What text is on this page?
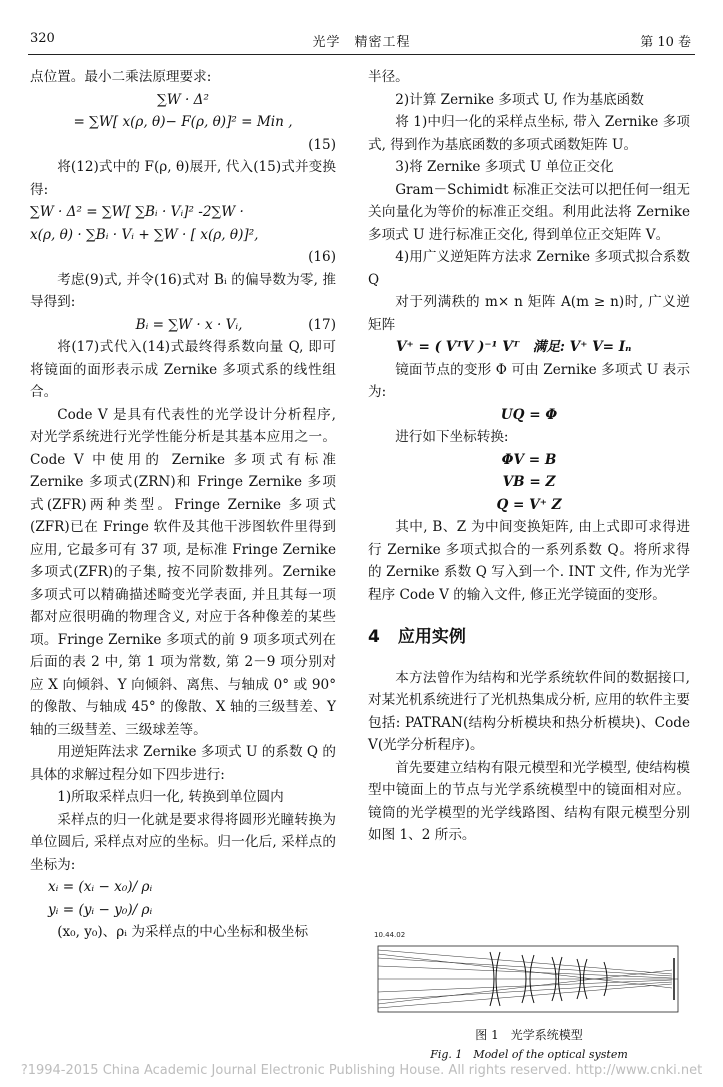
320	光学　精密工程	第 10 卷

点位置。最小二乘法原理要求:

∑W · Δ²
= ∑W[ x(ρ, θ)− F(ρ, θ)]² = Min ,
(15)

将(12)式中的 F(ρ, θ)展开, 代入(15)式并变换得:

∑W · Δ² = ∑W[ ∑Bᵢ · Vᵢ]² -2∑W ·
x(ρ, θ) · ∑Bᵢ · Vᵢ + ∑W · [ x(ρ, θ)]²,
(16)

考虑(9)式, 并令(16)式对 Bᵢ 的偏导数为零, 推导得到:

Bᵢ = ∑W · x · Vᵢ,	(17)

将(17)式代入(14)式最终得系数向量 Q, 即可将镜面的面形表示成 Zernike 多项式系的线性组合。

Code V 是具有代表性的光学设计分析程序, 对光学系统进行光学性能分析是其基本应用之一。Code V 中使用的 Zernike 多项式有标准 Zernike 多项式(ZRN)和 Fringe Zernike 多项式(ZFR)两种类型。Fringe Zernike 多项式(ZFR)已在 Fringe 软件及其他干涉图软件里得到应用, 它最多可有 37 项, 是标准 Fringe Zernike 多项式(ZFR)的子集, 按不同阶数排列。Zernike 多项式可以精确描述畸变光学表面, 并且其每一项都对应很明确的物理含义, 对应于各种像差的某些项。Fringe Zernike 多项式的前 9 项多项式列在后面的表 2 中, 第 1 项为常数, 第 2－9 项分别对应 X 向倾斜、Y 向倾斜、离焦、与轴成 0° 或 90° 的像散、与轴成 45° 的像散、X 轴的三级彗差、Y 轴的三级彗差、三级球差等。

用逆矩阵法求 Zernike 多项式 U 的系数 Q 的具体的求解过程分如下四步进行:

1)所取采样点归一化, 转换到单位圆内

采样点的归一化就是要求得将圆形光瞳转换为单位圆后, 采样点对应的坐标。归一化后, 采样点的坐标为:

xᵢ = (xᵢ − x₀)/ ρᵢ
yᵢ = (yᵢ − y₀)/ ρᵢ

(x₀, y₀)、ρᵢ 为采样点的中心坐标和极坐标

半径。

2)计算 Zernike 多项式 U, 作为基底函数

将 1)中归一化的采样点坐标, 带入 Zernike 多项式, 得到作为基底函数的多项式函数矩阵 U。

3)将 Zernike 多项式 U 单位正交化

Gram－Schimidt 标准正交法可以把任何一组无关向量化为等价的标准正交组。利用此法将 Zernike 多项式 U 进行标准正交化, 得到单位正交矩阵 V。

4)用广义逆矩阵方法求 Zernike 多项式拟合系数 Q

对于列满秩的 m× n 矩阵 A(m ≥ n)时, 广义逆矩阵

V⁺ = ( VᵀV )⁻¹ Vᵀ　满足: V⁺ V= Iₙ

镜面节点的变形 Φ 可由 Zernike 多项式 U 表示为:

UQ = Φ

进行如下坐标转换:

ΦV = B
VB = Z
Q = V⁺ Z

其中, B、Z 为中间变换矩阵, 由上式即可求得进行 Zernike 多项式拟合的一系列系数 Q。将所求得的 Zernike 系数 Q 写入到一个. INT 文件, 作为光学程序 Code V 的输入文件, 修正光学镜面的变形。

4 应用实例

本方法曾作为结构和光学系统软件间的数据接口, 对某光机系统进行了光机热集成分析, 应用的软件主要包括: PATRAN(结构分析模块和热分析模块)、Code V(光学分析程序)。

首先要建立结构有限元模型和光学模型, 使结构模型中镜面上的节点与光学系统模型中的镜面相对应。镜筒的光学模型的光学线路图、结构有限元模型分别如图 1、2 所示。

10.44.02
图 1　光学系统模型
Fig. 1　Model of the optical system
?1994-2015 China Academic Journal Electronic Publishing House. All rights reserved. http://www.cnki.net
